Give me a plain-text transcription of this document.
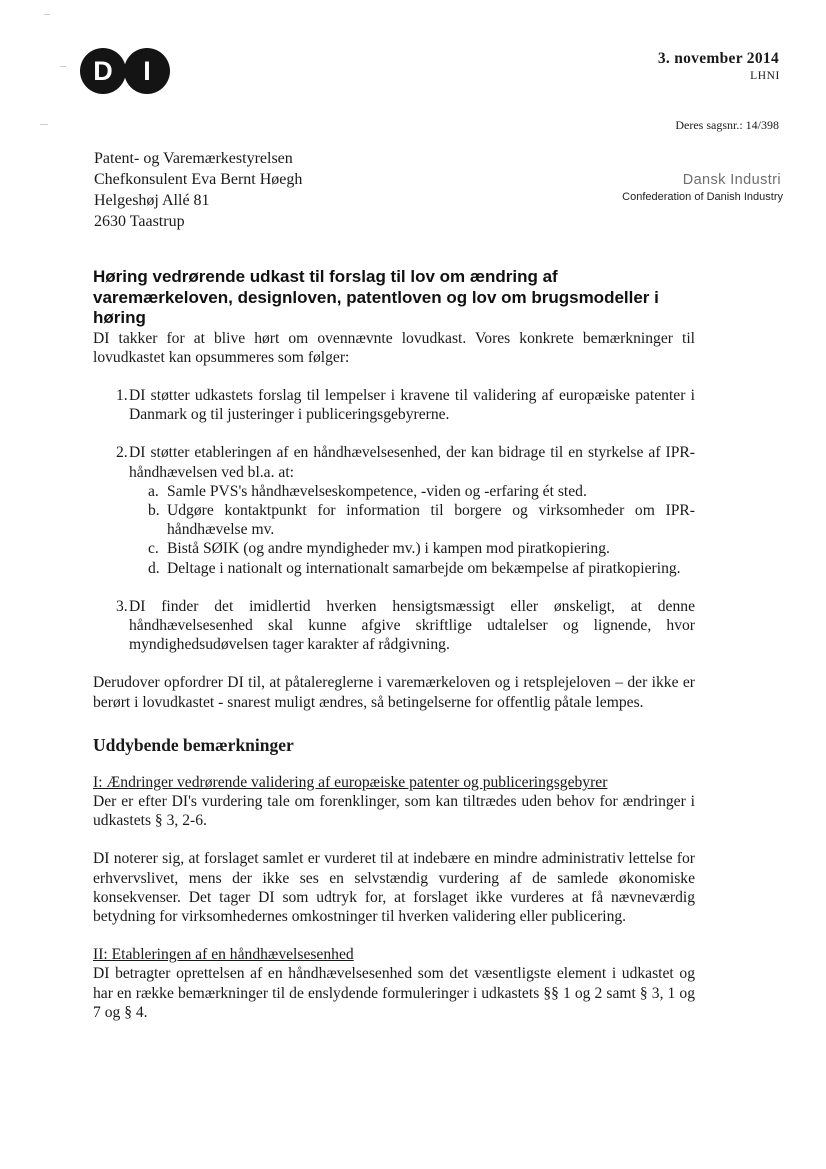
D	I	3. november 2014
LHNI
Deres sagsnr.: 14/398
Patent- og Varemærkestyrelsen
Chefkonsulent Eva Bernt Høegh
Helgeshøj Allé 81
2630 Taastrup
Dansk Industri
Confederation of Danish Industry
Høring vedrørende udkast til forslag til lov om ændring af varemærkeloven, designloven, patentloven og lov om brugsmodeller i høring

DI takker for at blive hørt om ovennævnte lovudkast. Vores konkrete bemærkninger til lovudkastet kan opsummeres som følger:

1. DI støtter udkastets forslag til lempelser i kravene til validering af europæiske patenter i Danmark og til justeringer i publiceringsgebyrerne.
2. DI støtter etableringen af en håndhævelsesenhed, der kan bidrage til en styrkelse af IPR-håndhævelsen ved bl.a. at:
a. Samle PVS's håndhævelseskompetence, -viden og -erfaring ét sted.
b. Udgøre kontaktpunkt for information til borgere og virksomheder om IPR-håndhævelse mv.
c. Bistå SØIK (og andre myndigheder mv.) i kampen mod piratkopiering.
d. Deltage i nationalt og internationalt samarbejde om bekæmpelse af piratkopiering.
3. DI finder det imidlertid hverken hensigtsmæssigt eller ønskeligt, at denne håndhævelsesenhed skal kunne afgive skriftlige udtalelser og lignende, hvor myndighedsudøvelsen tager karakter af rådgivning.

Derudover opfordrer DI til, at påtalereglerne i varemærkeloven og i retsplejeloven – der ikke er berørt i lovudkastet - snarest muligt ændres, så betingelserne for offentlig påtale lempes.

Uddybende bemærkninger
I: Ændringer vedrørende validering af europæiske patenter og publiceringsgebyrer

Der er efter DI's vurdering tale om forenklinger, som kan tiltrædes uden behov for ændringer i udkastets § 3, 2-6.

DI noterer sig, at forslaget samlet er vurderet til at indebære en mindre administrativ lettelse for erhvervslivet, mens der ikke ses en selvstændig vurdering af de samlede økonomiske konsekvenser. Det tager DI som udtryk for, at forslaget ikke vurderes at få nævneværdig betydning for virksomhedernes omkostninger til hverken validering eller publicering.

II: Etableringen af en håndhævelsesenhed

DI betragter oprettelsen af en håndhævelsesenhed som det væsentligste element i udkastet og har en række bemærkninger til de enslydende formuleringer i udkastets §§ 1 og 2 samt § 3, 1 og 7 og § 4.
